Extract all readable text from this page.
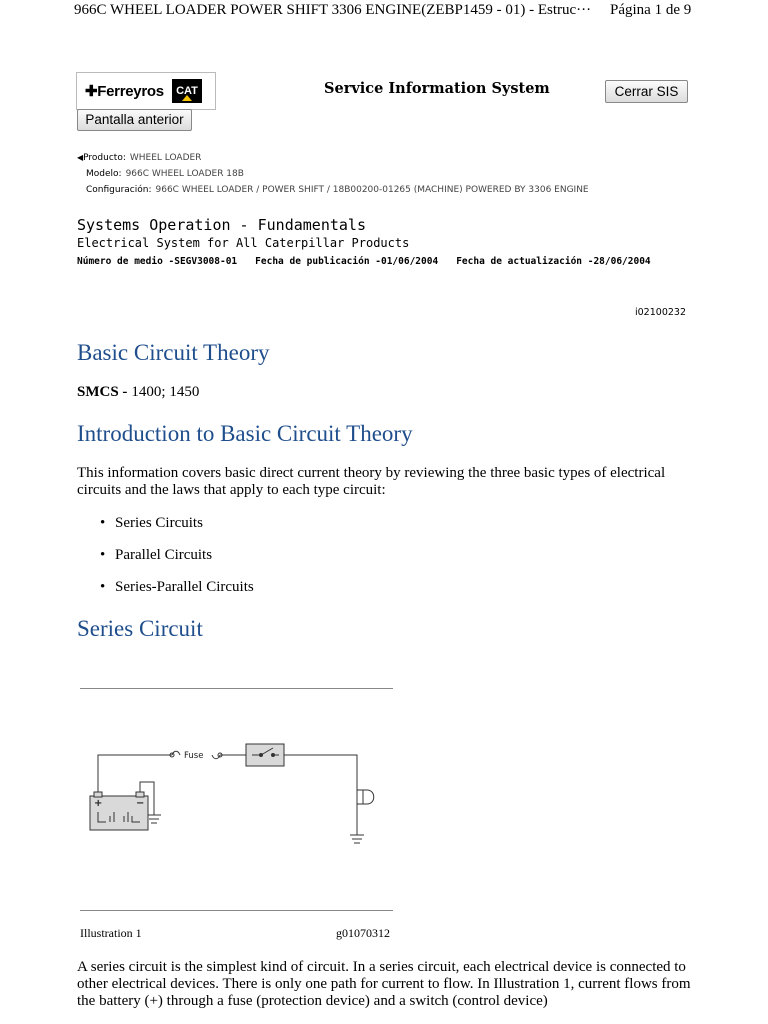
966C WHEEL LOADER POWER SHIFT 3306 ENGINE(ZEBP1459 - 01) - Estruc··· Página 1 de 9
✚Ferreyros	CAT	Service Information System	Cerrar SIS
Pantalla anterior
◀Producto: WHEEL LOADER
Modelo: 966C WHEEL LOADER 18B
Configuración: 966C WHEEL LOADER / POWER SHIFT / 18B00200-01265 (MACHINE) POWERED BY 3306 ENGINE
Systems Operation - Fundamentals
Electrical System for All Caterpillar Products
Número de medio -SEGV3008-01 Fecha de publicación -01/06/2004 Fecha de actualización -28/06/2004
i02100232
Basic Circuit Theory
SMCS - 1400; 1450
Introduction to Basic Circuit Theory

This information covers basic direct current theory by reviewing the three basic types of electrical circuits and the laws that apply to each type circuit:

• Series Circuits
• Parallel Circuits
• Series-Parallel Circuits
Series Circuit
+	−
Fuse
Illustration 1	g01070312

A series circuit is the simplest kind of circuit. In a series circuit, each electrical device is connected to other electrical devices. There is only one path for current to flow. In Illustration 1, current flows from the battery (+) through a fuse (protection device) and a switch (control device)
